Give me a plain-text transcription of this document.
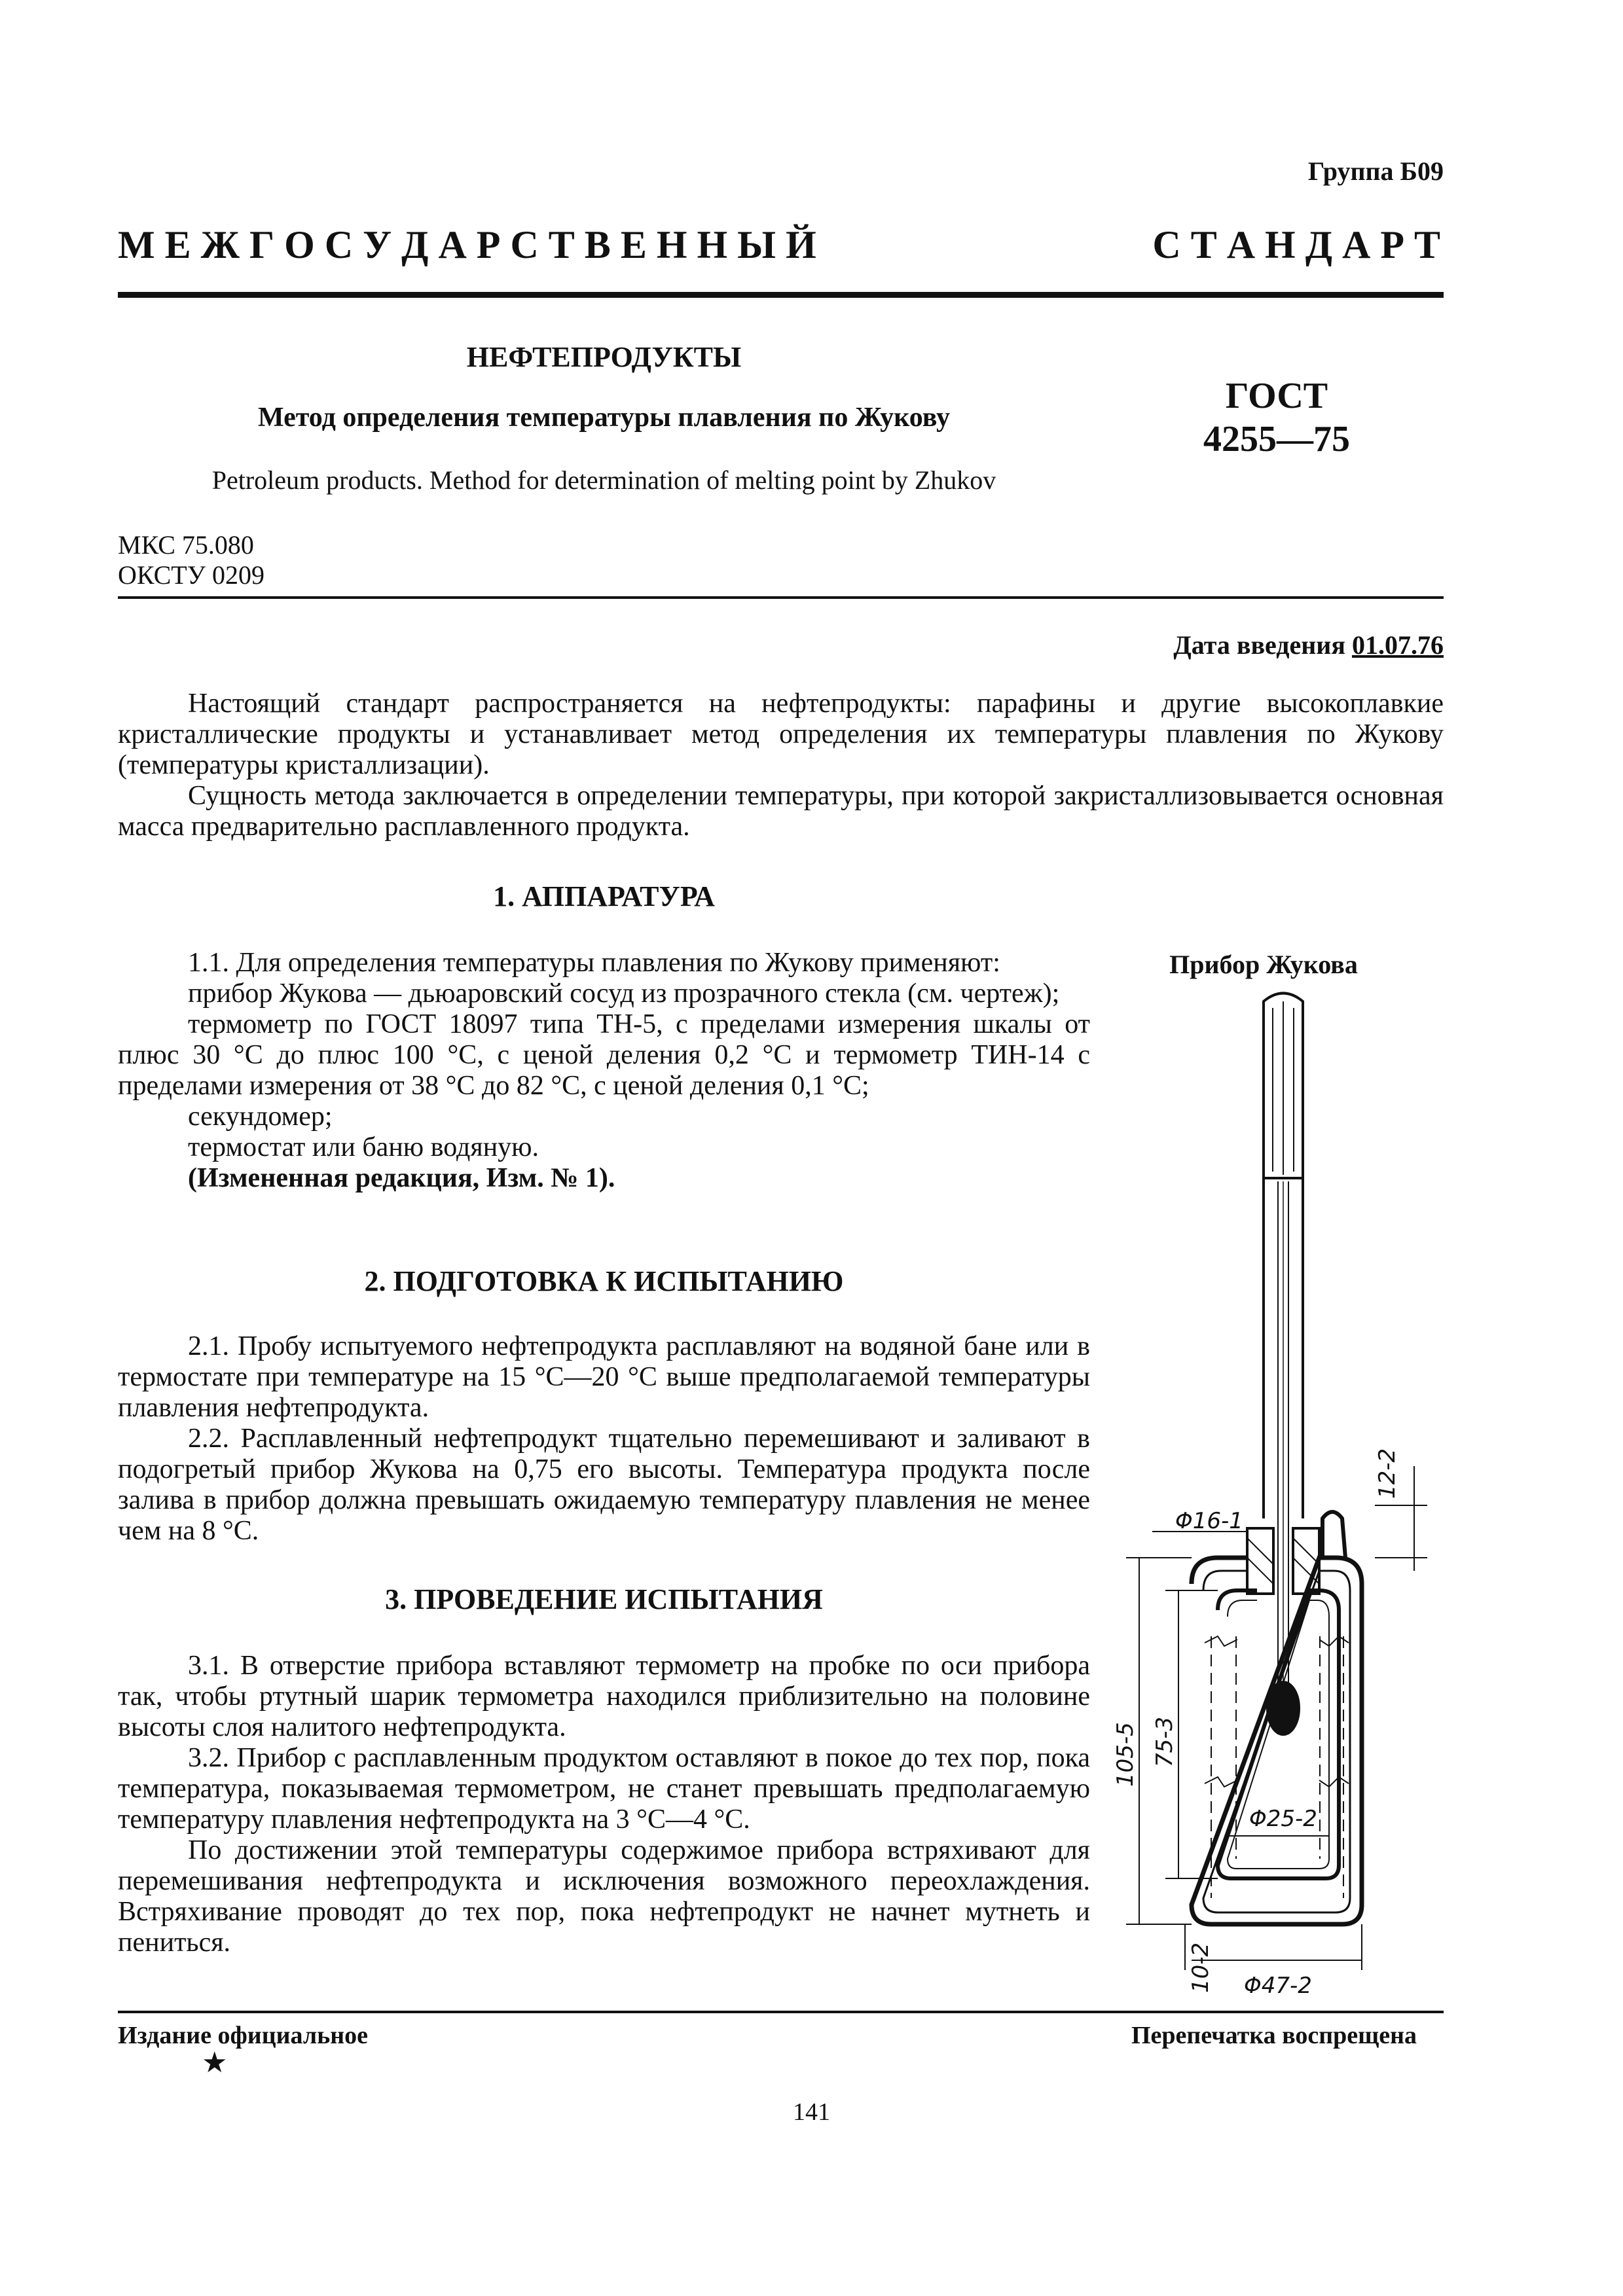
Группа Б09
М Е Ж Г О С У Д А Р С Т В Е Н Н Ы Й	С Т А Н Д А Р Т
НЕФТЕПРОДУКТЫ
Метод определения температуры плавления по Жукову
Petroleum products. Method for determination of melting point by Zhukov
ГОСТ
4255—75
МКС 75.080
ОКСТУ 0209
Дата введения 01.07.76

Настоящий стандарт распространяется на нефтепродукты: парафины и другие высокоплавкие кристаллические продукты и устанавливает метод определения их температуры плавления по Жукову (температуры кристаллизации).

Сущность метода заключается в определении температуры, при которой закристаллизовывается основная масса предварительно расплавленного продукта.

1. АППАРАТУРА

1.1. Для определения температуры плавления по Жукову применяют:

прибор Жукова — дьюаровский сосуд из прозрачного стекла (см. чертеж);

термометр по ГОСТ 18097 типа ТН-5, с пределами измерения шкалы от плюс 30 °С до плюс 100 °С, с ценой деления 0,2 °С и термометр ТИН-14 с пределами измерения от 38 °С до 82 °С, с ценой деления 0,1 °С;

секундомер;

термостат или баню водяную.

(Измененная редакция, Изм. № 1).

2. ПОДГОТОВКА К ИСПЫТАНИЮ

2.1. Пробу испытуемого нефтепродукта расплавляют на водяной бане или в термостате при температуре на 15 °С—20 °С выше предполагаемой температуры плавления нефтепродукта.

2.2. Расплавленный нефтепродукт тщательно перемешивают и заливают в подогретый прибор Жукова на 0,75 его высоты. Температура продукта после залива в прибор должна превышать ожидаемую температуру плавления не менее чем на 8 °С.

3. ПРОВЕДЕНИЕ ИСПЫТАНИЯ

3.1. В отверстие прибора вставляют термометр на пробке по оси прибора так, чтобы ртутный шарик термометра находился приблизительно на половине высоты слоя налитого нефтепродукта.

3.2. Прибор с расплавленным продуктом оставляют в покое до тех пор, пока температура, показываемая термометром, не станет превышать предполагаемую температуру плавления нефтепродукта на 3 °С—4 °С.

По достижении этой температуры содержимое прибора встряхивают для перемешивания нефтепродукта и исключения возможного переохлаждения. Встряхивание проводят до тех пор, пока нефтепродукт не начнет мутнеть и пениться.

Прибор Жукова
Φ16-1
12-2
105-5 75-3
Φ25-2
10-2 Φ47-2
Издание официальное	Перепечатка воспрещена
★
141
